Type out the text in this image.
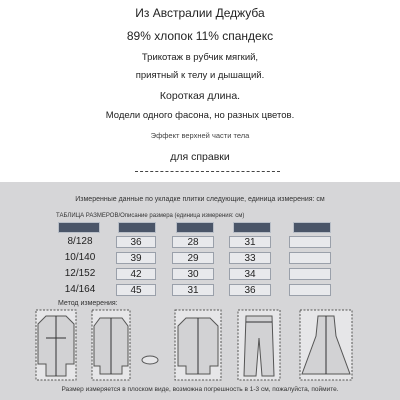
Из Австралии Деджуба
89% хлопок 11% спандекс
Трикотаж в рубчик мягкий,
приятный к телу и дышащий.
Короткая длина.
Модели одного фасона, но разных цветов.
Эффект верхней части тела
для справки
Измеренные данные по укладке плитки следующие, единица измерения: см
ТАБЛИЦА РАЗМЕРОВ/Описание размера (единица измерения: см)
8/128	36	28	31
10/140	39	29	33
12/152	42	30	34
14/164	45	31	36
Метод измерения:
Размер измеряется в плоском виде, возможна погрешность в 1-3 см, пожалуйста, поймите.
